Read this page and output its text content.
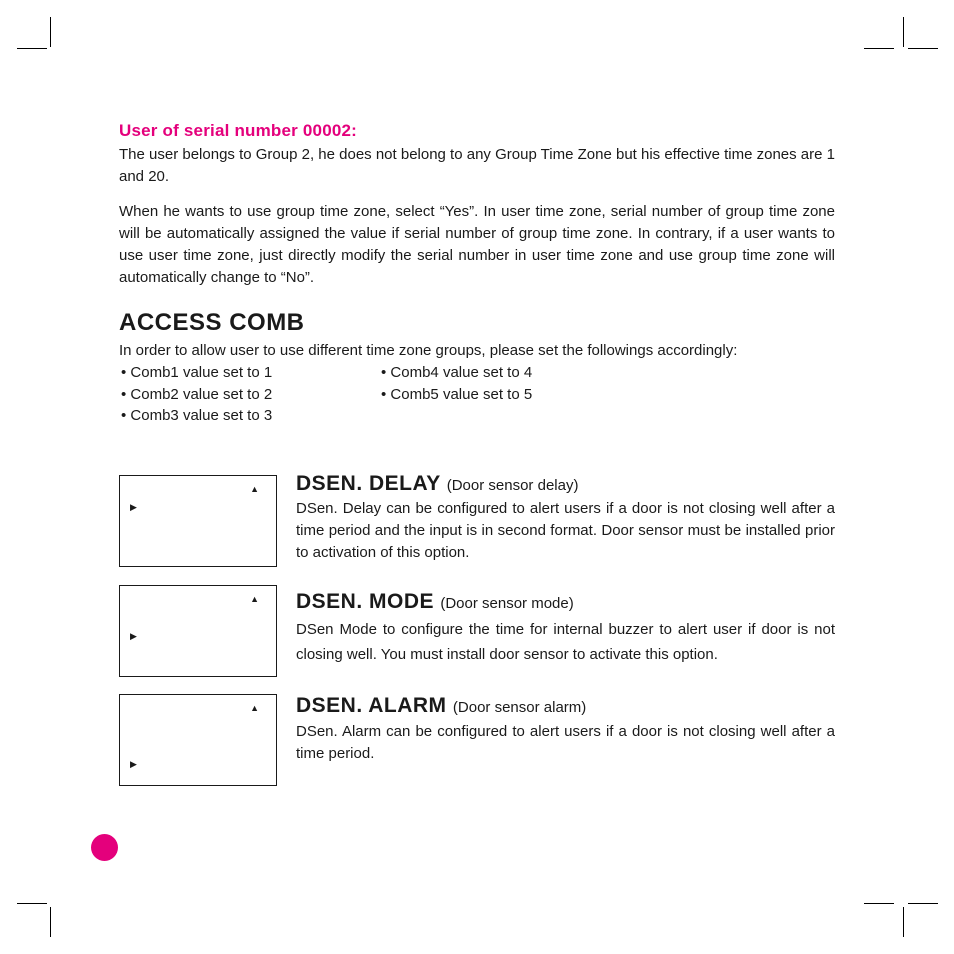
User of serial number 00002:

The user belongs to Group 2, he does not belong to any Group Time Zone but his effective time zones are 1 and 20.

When he wants to use group time zone, select “Yes”. In user time zone, serial number of group time zone will be automatically assigned the value if serial number of group time zone. In contrary, if a user wants to use user time zone, just directly modify the serial number in user time zone and use group time zone will automatically change to “No”.

ACCESS COMB

In order to allow user to use different time zone groups, please set the followings accordingly:

• Comb1 value set to 1
• Comb2 value set to 2
• Comb3 value set to 3
• Comb4 value set to 4
• Comb5 value set to 5
▲
▶
DSEN. DELAY (Door sensor delay)

DSen. Delay can be configured to alert users if a door is not closing well after a time period and the input is in second format. Door sensor must be installed prior to activation of this option.

▲
▶
DSEN. MODE (Door sensor mode)

DSen Mode to configure the time for internal buzzer to alert user if door is not closing well. You must install door sensor to activate this option.

▲
▶
DSEN. ALARM (Door sensor alarm)

DSen. Alarm can be configured to alert users if a door is not closing well after a time period.
